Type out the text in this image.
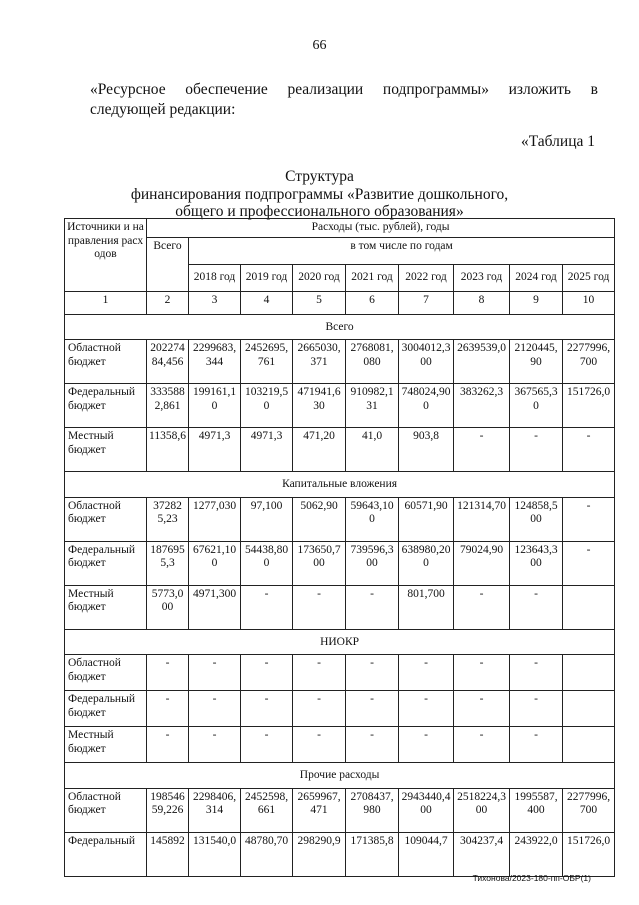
66
«Ресурсное обеспечение реализации подпрограммы» изложить в следующей редакции:
«Таблица 1
Структура
финансирования подпрограммы «Развитие дошкольного,
общего и профессионального образования»
Источники и направления расходов	Расходы (тыс. рублей), годы								
	Всего	в том числе по годам							
		2018 год	2019 год	2020 год	2021 год	2022 год	2023 год	2024 год	2025 год
1	2	3	4	5	6	7	8	9	10
Всего									
Областной бюджет	20227484,456	2299683,344	2452695,761	2665030,371	2768081,080	3004012,300	2639539,0	2120445,90	2277996,700
Федеральный бюджет	3335882,861	199161,10	103219,50	471941,630	910982,131	748024,900	383262,3	367565,30	151726,0
Местный бюджет	11358,6	4971,3	4971,3	471,20	41,0	903,8	-	-	-
Капитальные вложения									
Областной бюджет	372825,23	1277,030	97,100	5062,90	59643,100	60571,90	121314,70	124858,500	-
Федеральный бюджет	1876955,3	67621,100	54438,800	173650,700	739596,300	638980,200	79024,90	123643,300	-
Местный бюджет	5773,000	4971,300	-	-	-	801,700	-	-	
НИОКР									
Областной бюджет	-	-	-	-	-	-	-	-	
Федеральный бюджет	-	-	-	-	-	-	-	-	
Местный бюджет	-	-	-	-	-	-	-	-	
Прочие расходы									
Областной бюджет	19854659,226	2298406,314	2452598,661	2659967,471	2708437,980	2943440,400	2518224,300	1995587,400	2277996,700
Федеральный	145892	131540,0	48780,70	298290,9	171385,8	109044,7	304237,4	243922,0	151726,0
Тихонова/2023-180-пп-ОБР(1)
